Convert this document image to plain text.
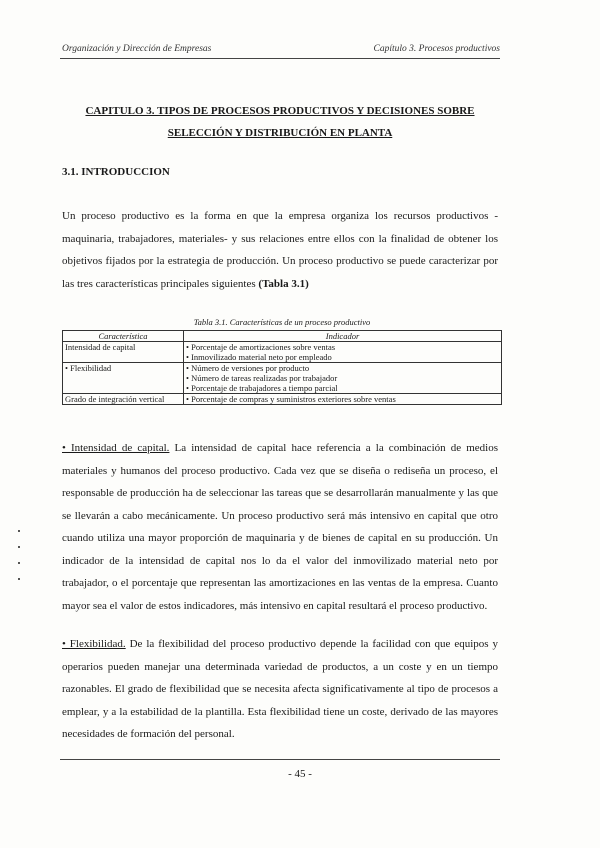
Organización y Dirección de Empresas	Capítulo 3. Procesos productivos
CAPITULO 3. TIPOS DE PROCESOS PRODUCTIVOS Y DECISIONES SOBRE
SELECCIÓN Y DISTRIBUCIÓN EN PLANTA
3.1. INTRODUCCION

Un proceso productivo es la forma en que la empresa organiza los recursos productivos - maquinaria, trabajadores, materiales- y sus relaciones entre ellos con la finalidad de obtener los objetivos fijados por la estrategia de producción. Un proceso productivo se puede caracterizar por las tres características principales siguientes (Tabla 3.1)

Tabla 3.1. Características de un proceso productivo
Característica	Indicador
Intensidad de capital	• Porcentaje de amortizaciones sobre ventas
• Inmovilizado material neto por empleado

• Flexibilidad	• Número de versiones por producto
• Número de tareas realizadas por trabajador
• Porcentaje de trabajadores a tiempo parcial

Grado de integración vertical	• Porcentaje de compras y suministros exteriores sobre ventas

• Intensidad de capital. La intensidad de capital hace referencia a la combinación de medios materiales y humanos del proceso productivo. Cada vez que se diseña o rediseña un proceso, el responsable de producción ha de seleccionar las tareas que se desarrollarán manualmente y las que se llevarán a cabo mecánicamente. Un proceso productivo será más intensivo en capital que otro cuando utiliza una mayor proporción de maquinaria y de bienes de capital en su producción. Un indicador de la intensidad de capital nos lo da el valor del inmovilizado material neto por trabajador, o el porcentaje que representan las amortizaciones en las ventas de la empresa. Cuanto mayor sea el valor de estos indicadores, más intensivo en capital resultará el proceso productivo.

• Flexibilidad. De la flexibilidad del proceso productivo depende la facilidad con que equipos y operarios pueden manejar una determinada variedad de productos, a un coste y en un tiempo razonables. El grado de flexibilidad que se necesita afecta significativamente al tipo de procesos a emplear, y a la estabilidad de la plantilla. Esta flexibilidad tiene un coste, derivado de las mayores necesidades de formación del personal.

- 45 -
